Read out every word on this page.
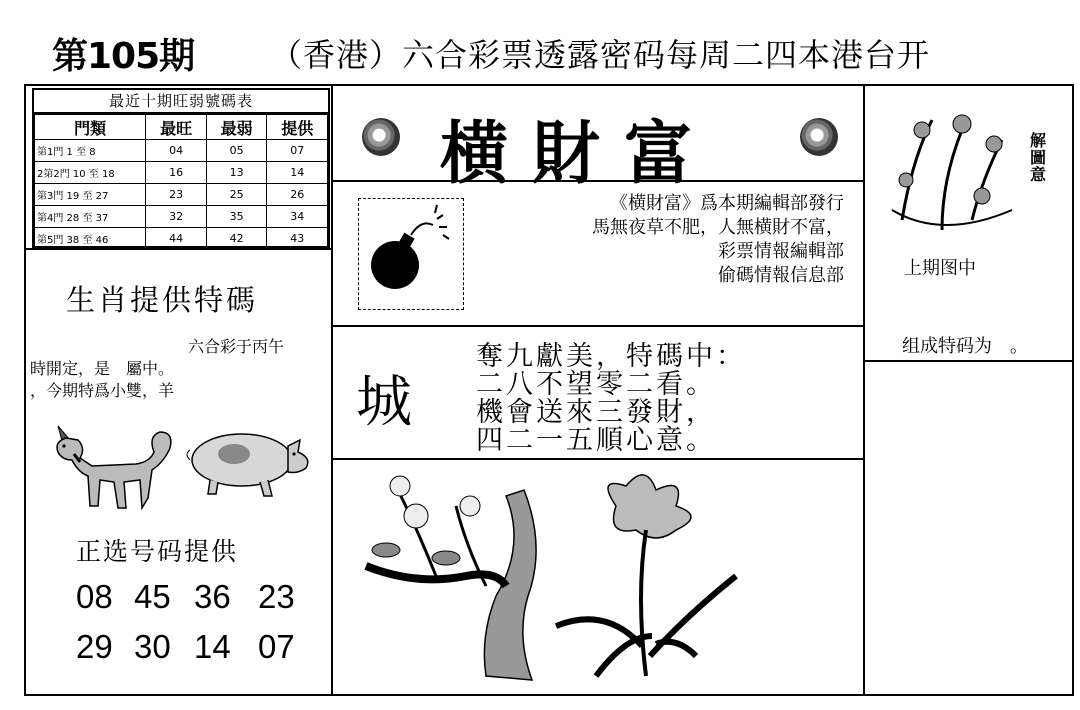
第105期 （香港）六合彩票透露密码每周二四本港台开
最近十期旺弱號碼表
門類	最旺	最弱	提供
第1門 1 至 8	04	05	07
2第2門 10 至 18	16	13	14
第3門 19 至 27	23	25	26
第4門 28 至 37	32	35	34
第5門 38 至 46	44	42	43
生肖提供特碼
六合彩于丙午
時開定，是　屬中。
，今期特爲小雙，羊
正选号码提供
08 45 36 23
29 30 14 07
横財富
《横財富》爲本期編輯部發行
馬無夜草不肥，人無横財不富，
彩票情報編輯部
偷碼情報信息部
城
奪九獻美，特碼中：
二八不望零二看。
機會送來三發財，
四二一五順心意。
解圖意
上期图中
组成特码为　。
